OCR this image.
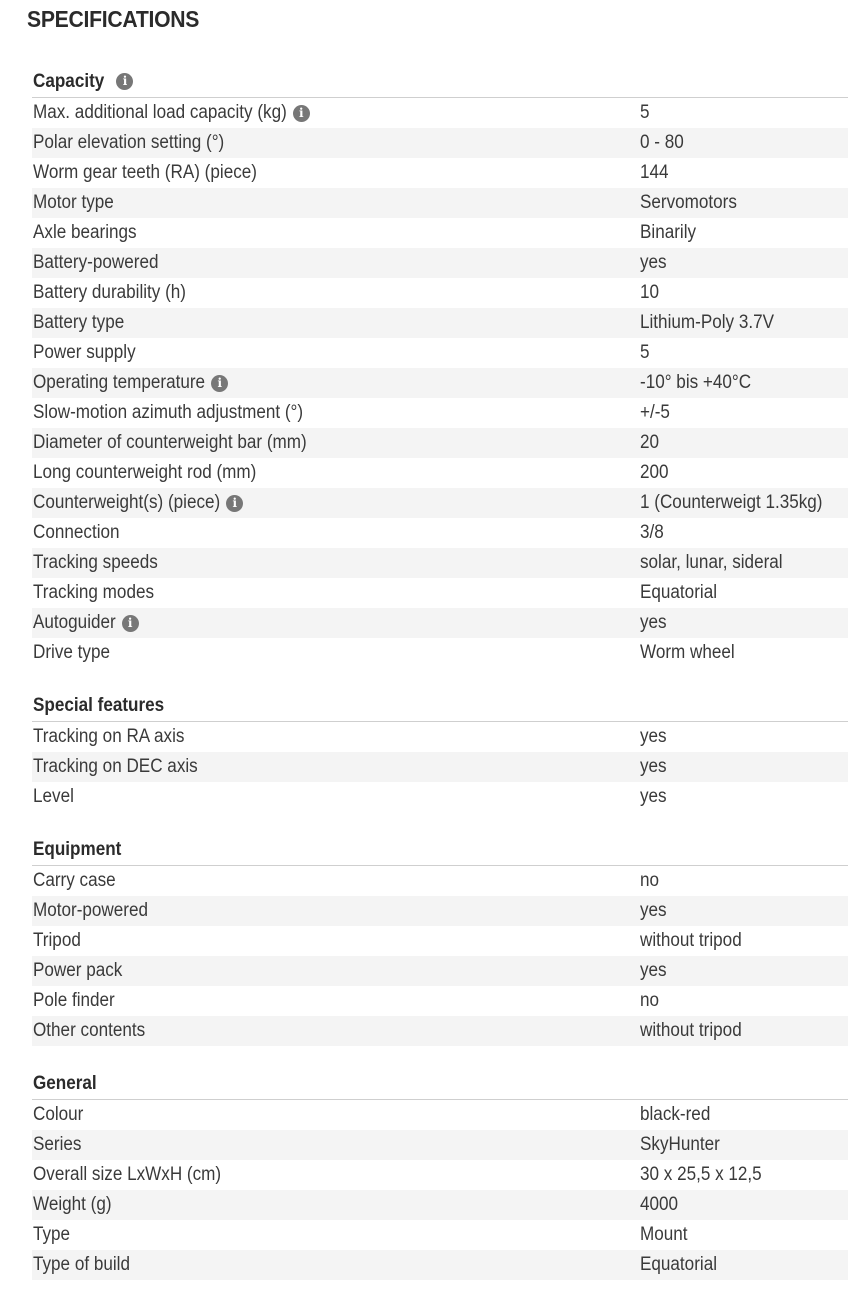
SPECIFICATIONS
Capacity	i
Max. additional load capacity (kg)	i	5
Polar elevation setting (°)	0 - 80
Worm gear teeth (RA) (piece)	144
Motor type	Servomotors
Axle bearings	Binarily
Battery-powered	yes
Battery durability (h)	10
Battery type	Lithium-Poly 3.7V
Power supply	5
Operating temperature	i	-10° bis +40°C
Slow-motion azimuth adjustment (°)	+/-5
Diameter of counterweight bar (mm)	20
Long counterweight rod (mm)	200
Counterweight(s) (piece)	i	1 (Counterweigt 1.35kg)
Connection	3/8
Tracking speeds	solar, lunar, sideral
Tracking modes	Equatorial
Autoguider	i	yes
Drive type	Worm wheel
Special features
Tracking on RA axis	yes
Tracking on DEC axis	yes
Level	yes
Equipment
Carry case	no
Motor-powered	yes
Tripod	without tripod
Power pack	yes
Pole finder	no
Other contents	without tripod
General
Colour	black-red
Series	SkyHunter
Overall size LxWxH (cm)	30 x 25,5 x 12,5
Weight (g)	4000
Type	Mount
Type of build	Equatorial
